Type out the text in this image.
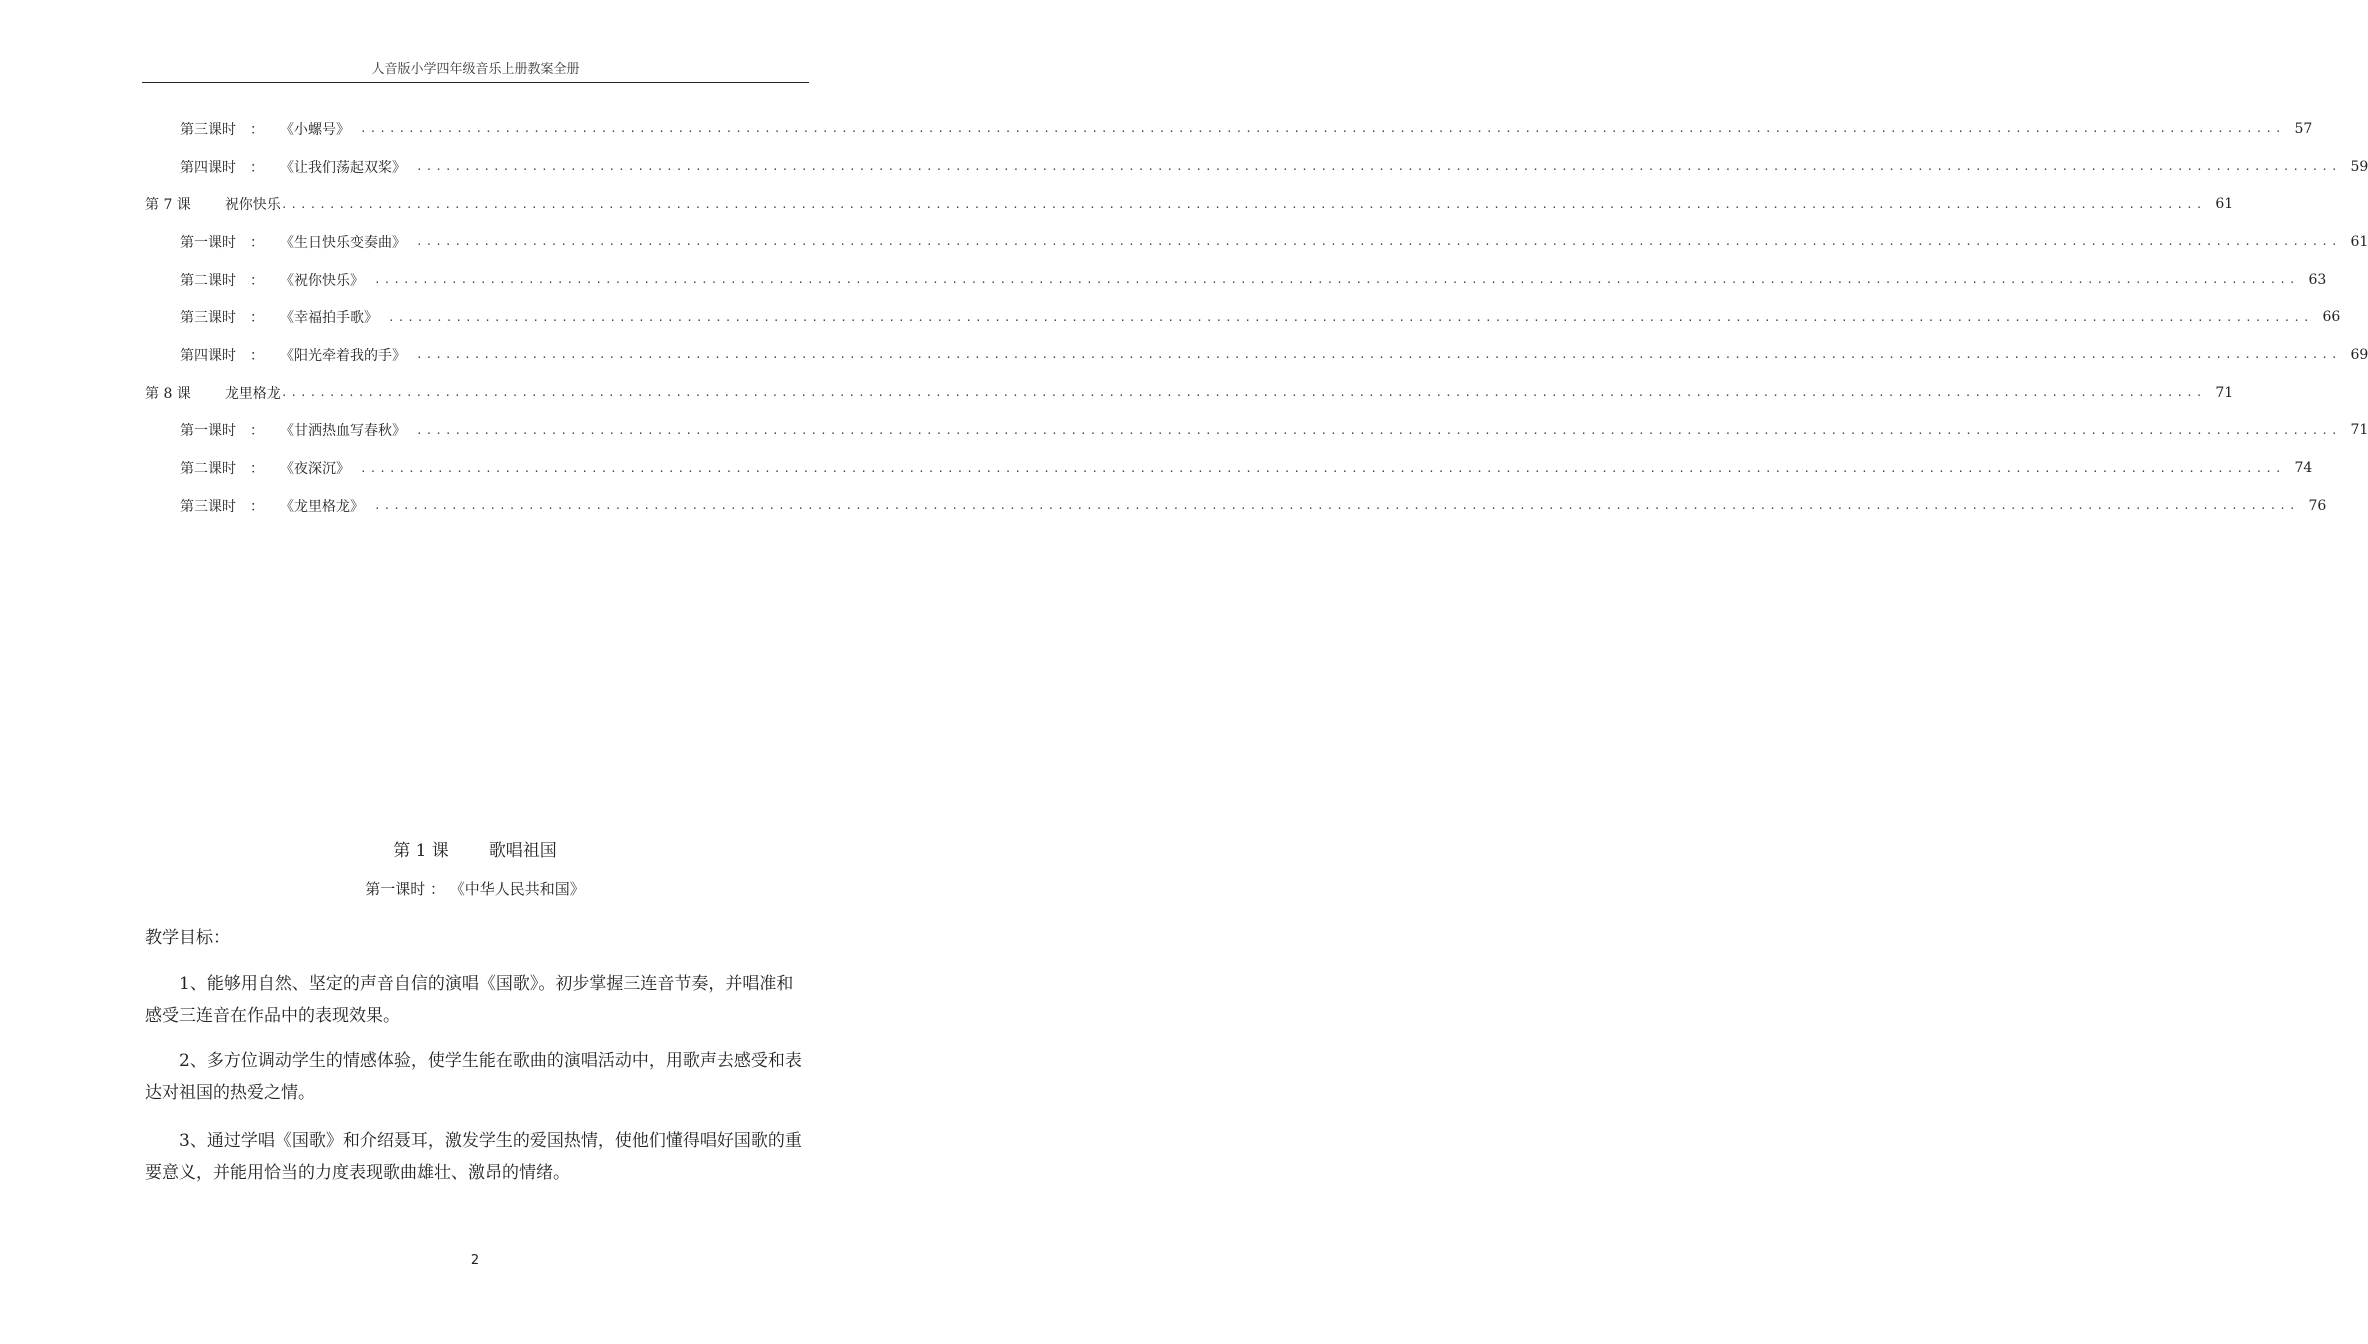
人音版小学四年级音乐上册教案全册
第三课时 ： 《小螺号》 ........................................................................................................................................................................................................ 57
第四课时 ： 《让我们荡起双桨》 ........................................................................................................................................................................................................ 59
第 7 课 祝你快乐 ........................................................................................................................................................................................................ 61
第一课时 ： 《生日快乐变奏曲》 ........................................................................................................................................................................................................ 61
第二课时 ： 《祝你快乐》 ........................................................................................................................................................................................................ 63
第三课时 ： 《幸福拍手歌》 ........................................................................................................................................................................................................ 66
第四课时 ： 《阳光牵着我的手》 ........................................................................................................................................................................................................ 69
第 8 课 龙里格龙 ........................................................................................................................................................................................................ 71
第一课时 ： 《甘洒热血写春秋》 ........................................................................................................................................................................................................ 71
第二课时 ： 《夜深沉》 ........................................................................................................................................................................................................ 74
第三课时 ： 《龙里格龙》 ........................................................................................................................................................................................................ 76
第 1 课 歌唱祖国
第一课时 ： 《中华人民共和国》
教学目标：
1、能够用自然、坚定的声音自信的演唱《国歌》。初步掌握三连音节奏，并唱准和感受三连音在作品中的表现效果。
2、多方位调动学生的情感体验，使学生能在歌曲的演唱活动中，用歌声去感受和表达对祖国的热爱之情。
3、通过学唱《国歌》和介绍聂耳，激发学生的爱国热情，使他们懂得唱好国歌的重要意义，并能用恰当的力度表现歌曲雄壮、激昂的情绪。
2
